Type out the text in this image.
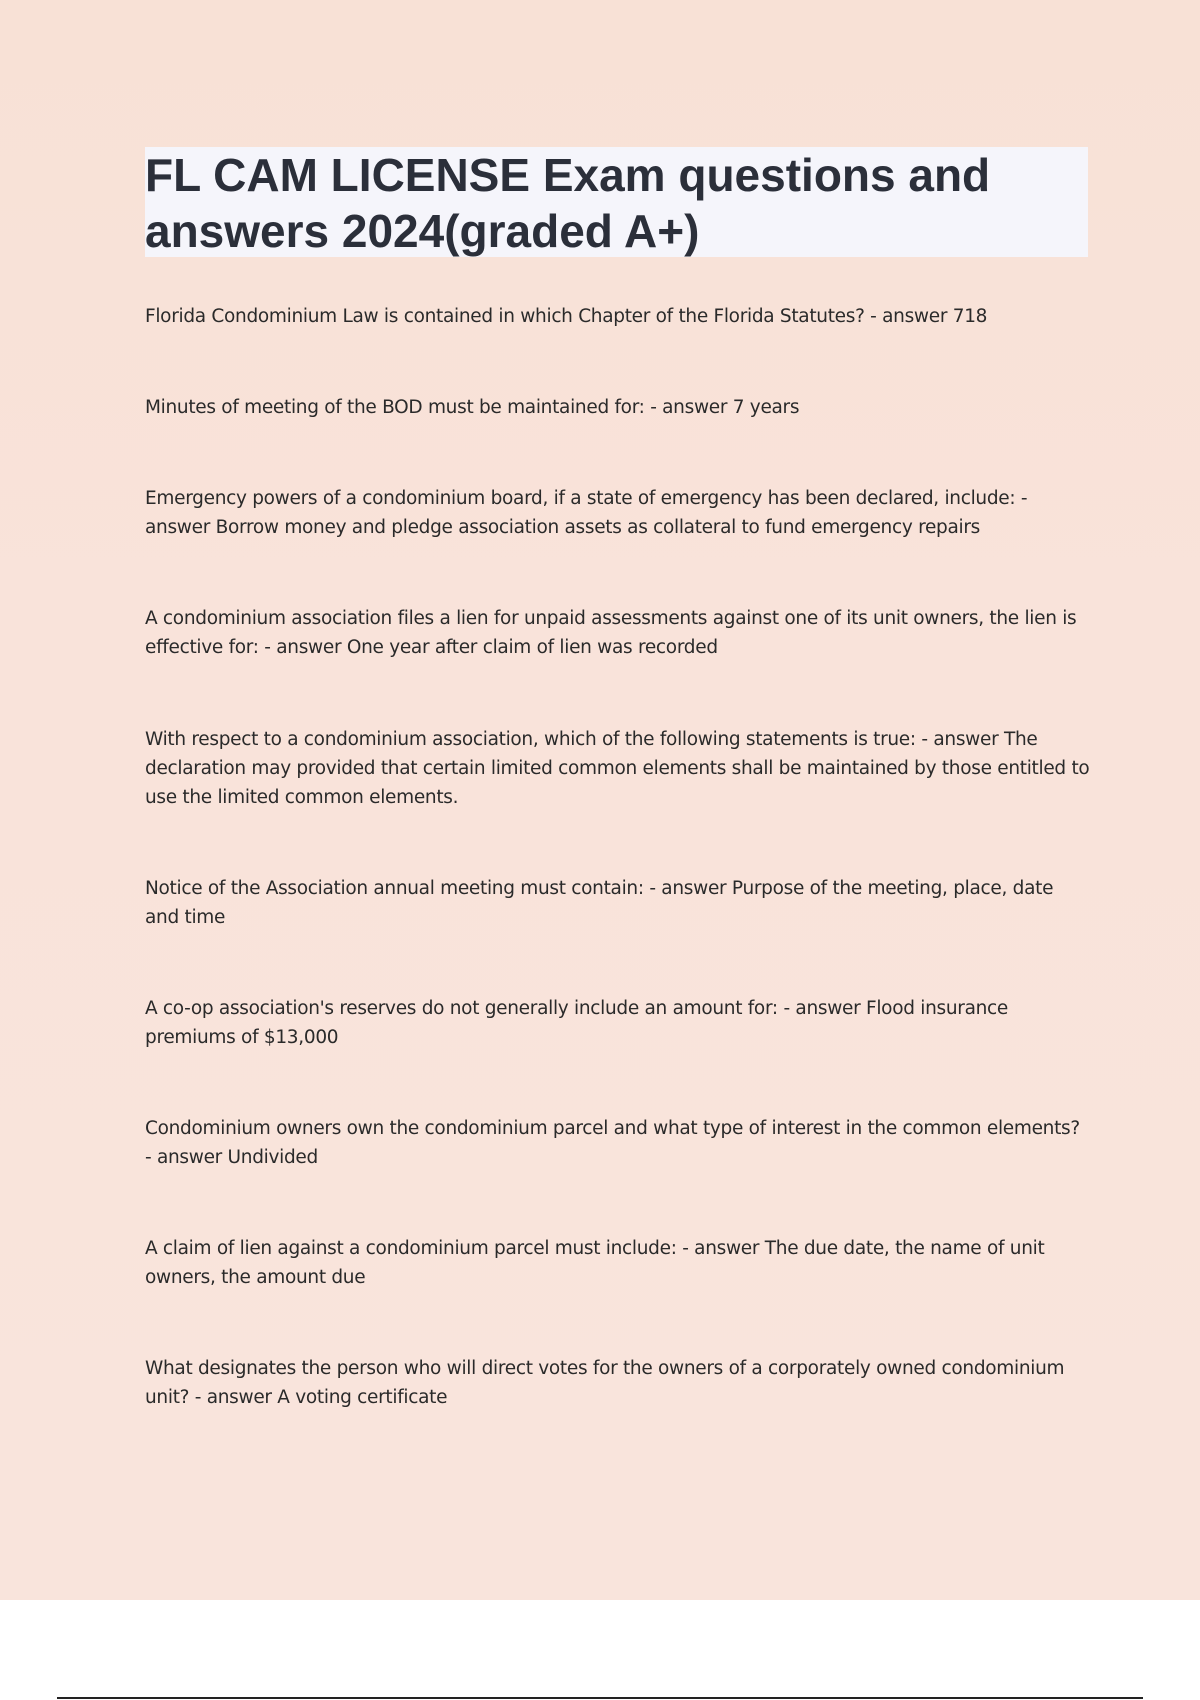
FL CAM LICENSE Exam questions and answers 2024(graded A+)

Florida Condominium Law is contained in which Chapter of the Florida Statutes? - answer 718

Minutes of meeting of the BOD must be maintained for: - answer 7 years

Emergency powers of a condominium board, if a state of emergency has been declared, include: - answer Borrow money and pledge association assets as collateral to fund emergency repairs

A condominium association files a lien for unpaid assessments against one of its unit owners, the lien is effective for: - answer One year after claim of lien was recorded

With respect to a condominium association, which of the following statements is true: - answer The declaration may provided that certain limited common elements shall be maintained by those entitled to use the limited common elements.

Notice of the Association annual meeting must contain: - answer Purpose of the meeting, place, date and time

A co-op association's reserves do not generally include an amount for: - answer Flood insurance premiums of $13,000

Condominium owners own the condominium parcel and what type of interest in the common elements? - answer Undivided

A claim of lien against a condominium parcel must include: - answer The due date, the name of unit owners, the amount due

What designates the person who will direct votes for the owners of a corporately owned condominium unit? - answer A voting certificate
